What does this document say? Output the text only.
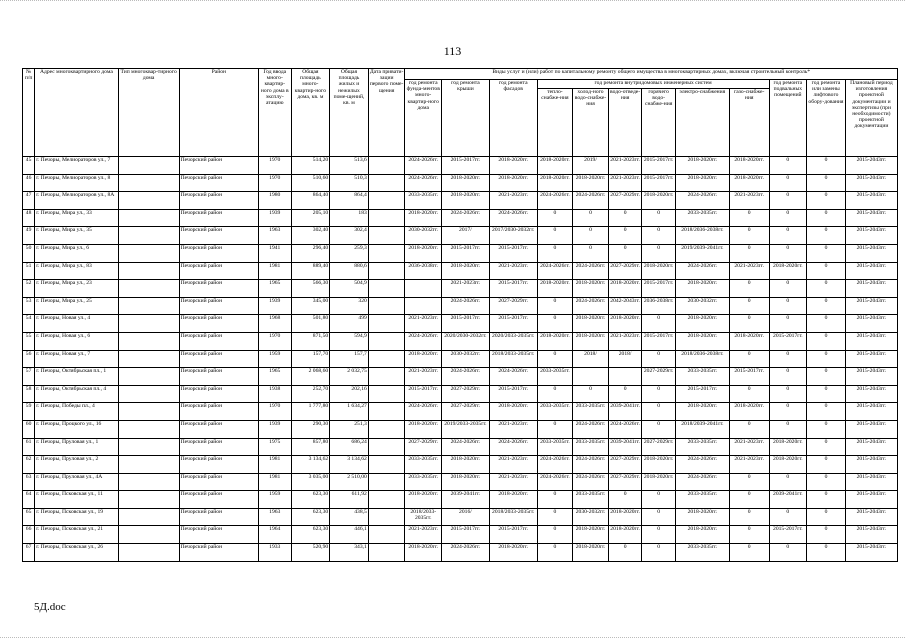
113
№ п/п	Адрес многоквартирного дома	Тип многоквар-тирного дома	Район	Год ввода много-квартир-ного дома в эксплу-атацию	Общая площадь много-квартир-ного дома, кв. м	Общая площадь жилых и нежилых поме-щений, кв. м	Дата привати-зации первого поме-щения	Виды услуг и (или) работ по капитальному ремонту общего имущества в многоквартирных домах, включая строительный контроль*											
								год ремонта фунда-ментов много-квартир-ного дома	год ремонта крыши	год ремонта фасадов	год ремонта внутридомовых инженерных систем						год ремонта подвальных помещений	год ремонта или замены лифтового обору-дования	Плановый период изготовления проектной документации и экспертизы (при необходимости) проектной документации
											тепло-снабже-ния	холод-ного водо-снабже-ния	водо-отведе-ния	горячего водо-снабже-ния	электро-снабжения	газо-снабже-ния			
45	г. Печоры, Мелиораторов ул., 7		Печорский район	1970	514,20	513,6		2024-2026гг.	2015-2017гг.	2018-2020гг.	2018-2020гг.	2019/	2021-2023гг.	2015-2017гг.	2018-2020гг.	2018-2020гг.	0	0	2015-2043гг.
46	г. Печоры, Мелиораторов ул., 8		Печорский район	1970	510,60	510,3		2024-2026гг.	2018-2020гг.	2018-2020гг.	2018-2020гг.	2018-2020гг.	2021-2023гг.	2015-2017гг.	2018-2020гг.	2018-2020гг.	0	0	2015-2043гг.
47	г. Печоры, Мелиораторов ул., 8А		Печорский район	1980	864,40	864,4		2033-2035гг.	2018-2020гг.	2021-2023гг.	2024-2026гг.	2024-2026гг.	2027-2029гг.	2018-2020гг.	2024-2026гг.	2021-2023гг.	0	0	2015-2043гг.
48	г. Печоры, Мира ул., 33		Печорский район	1939	205,10	183		2018-2020гг.	2024-2026гг.	2024-2026гг.	0	0	0	0	2033-2035гг.	0	0	0	2015-2043гг.
49	г. Печоры, Мира ул., 35		Печорский район	1963	302,40	302,4		2030-2032гг.	2017/	2017/2030-2032гг.	0	0	0	0	2018/2036-2038гг.	0	0	0	2015-2043гг.
50	г. Печоры, Мира ул., 6		Печорский район	1941	296,40	259,3		2018-2020гг.	2015-2017гг.	2015-2017гг.	0	0	0	0	2019/2039-2041гг.	0	0	0	2015-2043гг.
51	г. Печоры, Мира ул., 83		Печорский район	1981	889,40	880,6		2036-2038гг.	2018-2020гг.	2021-2023гг.	2024-2026гг.	2024-2026гг.	2027-2029гг.	2018-2020гг.	2024-2026гг.	2021-2023гг.	2018-2020гг.	0	2015-2043гг.
52	г. Печоры, Мира ул., 23		Печорский район	1965	566,30	504,9			2021-2023гг.	2015-2017гг.	2018-2020гг.	2018-2020гг.	2018-2020гг.	2015-2017гг.	2018-2020гг.	0	0	0	2015-2043гг.
53	г. Печоры, Мира ул., 25		Печорский район	1939	345,00	320			2024-2026гг.	2027-2029гг.	0	2024-2026гг.	2042-2043гг.	2036-2038гг.	2030-2032гг.	0	0	0	2015-2043гг.
54	г. Печоры, Новая ул., 4		Печорский район	1968	501,80	499		2021-2023гг.	2015-2017гг.	2015-2017гг.	0	2018-2020гг.	2018-2020гг.	0	2018-2020гг.	0	0	0	2015-2043гг.
55	г. Печоры, Новая ул., 6		Печорский район	1970	871,50	594,9		2024-2026гг.	2020/2030-2032гг.	2020/2033-2035гг.	2018-2020гг.	2018-2020гг.	2021-2023гг.	2015-2017гг.	2018-2020гг.	2018-2020гг.	2015-2017гг.	0	2015-2043гг.
56	г. Печоры, Новая ул., 7		Печорский район	1959	157,70	157,7		2018-2020гг.	2030-2032гг.	2018/2033-2035гг.	0	2018/	2018/	0	2018/2036-2038гг.	0	0	0	2015-2043гг.
57	г. Печоры, Октябрьская пл., 1		Печорский район	1965	2 068,60	2 032,75		2021-2023гг.	2024-2026гг.	2024-2026гг.	2033-2035гг.			2027-2029гг.	2033-2035гг.	2015-2017гг.	0	0	2015-2043гг.
58	г. Печоры, Октябрьская пл., 4		Печорский район	1938	252,70	202,16		2015-2017гг.	2027-2029гг.	2015-2017гг.	0	0	0	0	2015-2017гг.	0	0	0	2015-2043гг.
59	г. Печоры, Победы пл., 4		Печорский район	1970	1 777,80	1 634,27		2024-2026гг.	2027-2029гг.	2018-2020гг.	2033-2035гг.	2033-2035гг.	2039-2041гг.	0	2018-2020гг.	2018-2020гг.	0	0	2015-2043гг.
60	г. Печоры, Процкого ул., 16		Печорский район	1939	290,30	251,3		2018-2020гг.	2019/2033-2035гг.	2021-2023гг.	0	2024-2026гг.	2024-2026гг.	0	2018/2039-2041гг.	0	0	0	2015-2043гг.
61	г. Печоры, Пруловая ул., 1		Печорский район	1975	857,80	686,24		2027-2029гг.	2024-2026гг.	2024-2026гг.	2033-2035гг.	2033-2035гг.	2039-2041гг.	2027-2029гг.	2033-2035гг.	2021-2023гг.	2018-2020гг.	0	2015-2043гг.
62	г. Печоры, Пруловая ул., 2		Печорский район	1981	3 134,62	3 134,62		2033-2035гг.	2018-2020гг.	2021-2023гг.	2024-2026гг.	2024-2026гг.	2027-2029гг.	2018-2020гг.	2024-2026гг.	2021-2023гг.	2018-2020гг.	0	2015-2043гг.
63	г. Печоры, Пруловая ул., 4А		Печорский район	1981	3 035,00	2 510,00		2033-2035гг.	2018-2020гг.	2021-2023гг.	2024-2026гг.	2024-2026гг.	2027-2029гг.	2018-2020гг.	2024-2026гг.	0	0	0	2015-2043гг.
64	г. Печоры, Псковская ул., 11		Печорский район	1959	623,30	611,92		2018-2020гг.	2039-2041гг.	2018-2020гг.	0	2033-2035гг.	0	0	2033-2035гг.	0	2039-2041гг.	0	2015-2043гг.
65	г. Печоры, Псковская ул., 19		Печорский район	1963	623,30	438,5		2018/2033-2035гг.	2016/	2018/2033-2035гг.	0	2030-2032гг.	2018-2020гг.	0	2018-2020гг.	0	0	0	2015-2043гг.
66	г. Печоры, Псковская ул., 21		Печорский район	1964	623,30	446,1		2021-2023гг.	2015-2017гг.	2015-2017гг.	0	2018-2020гг.	2018-2020гг.	0	2018-2020гг.	0	2015-2017гг.	0	2015-2043гг.
67	г. Печоры, Псковская ул., 26		Печорский район	1933	520,90	343,1		2018-2020гг.	2024-2026гг.	2018-2020гг.	0	2018-2020гг.	0	0	2033-2035гг.	0	0	0	2015-2043гг.
5Д.doc
